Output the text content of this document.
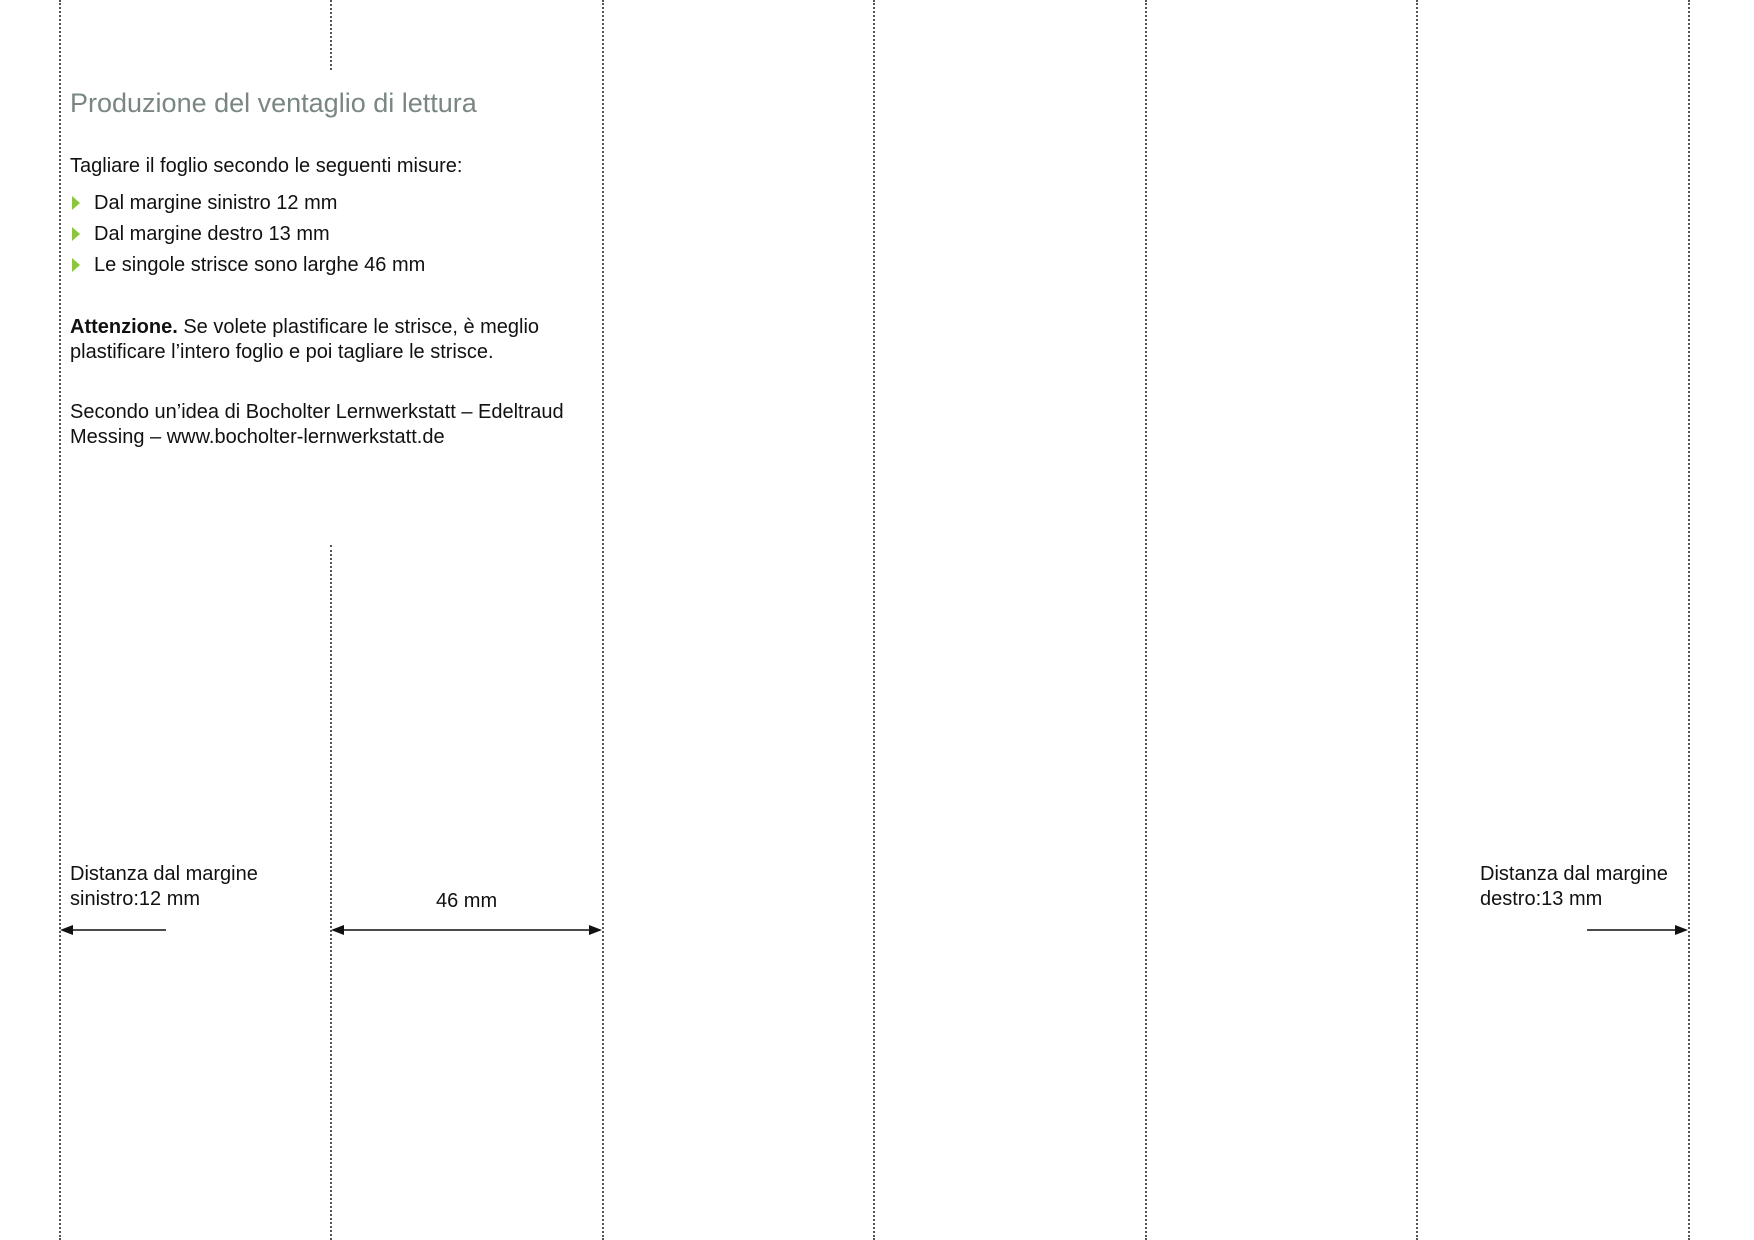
Produzione del ventaglio di lettura

Tagliare il foglio secondo le seguenti misure:

Dal margine sinistro 12 mm
Dal margine destro 13 mm
Le singole strisce sono larghe 46 mm

Attenzione. Se volete plastificare le strisce, è meglio plastificare l’intero foglio e poi tagliare le strisce.

Secondo un’idea di Bocholter Lernwerkstatt – Edeltraud Messing – www.bocholter-lernwerkstatt.de

Distanza dal margine
sinistro:12 mm	46 mm

Distanza dal margine
destro:13 mm
